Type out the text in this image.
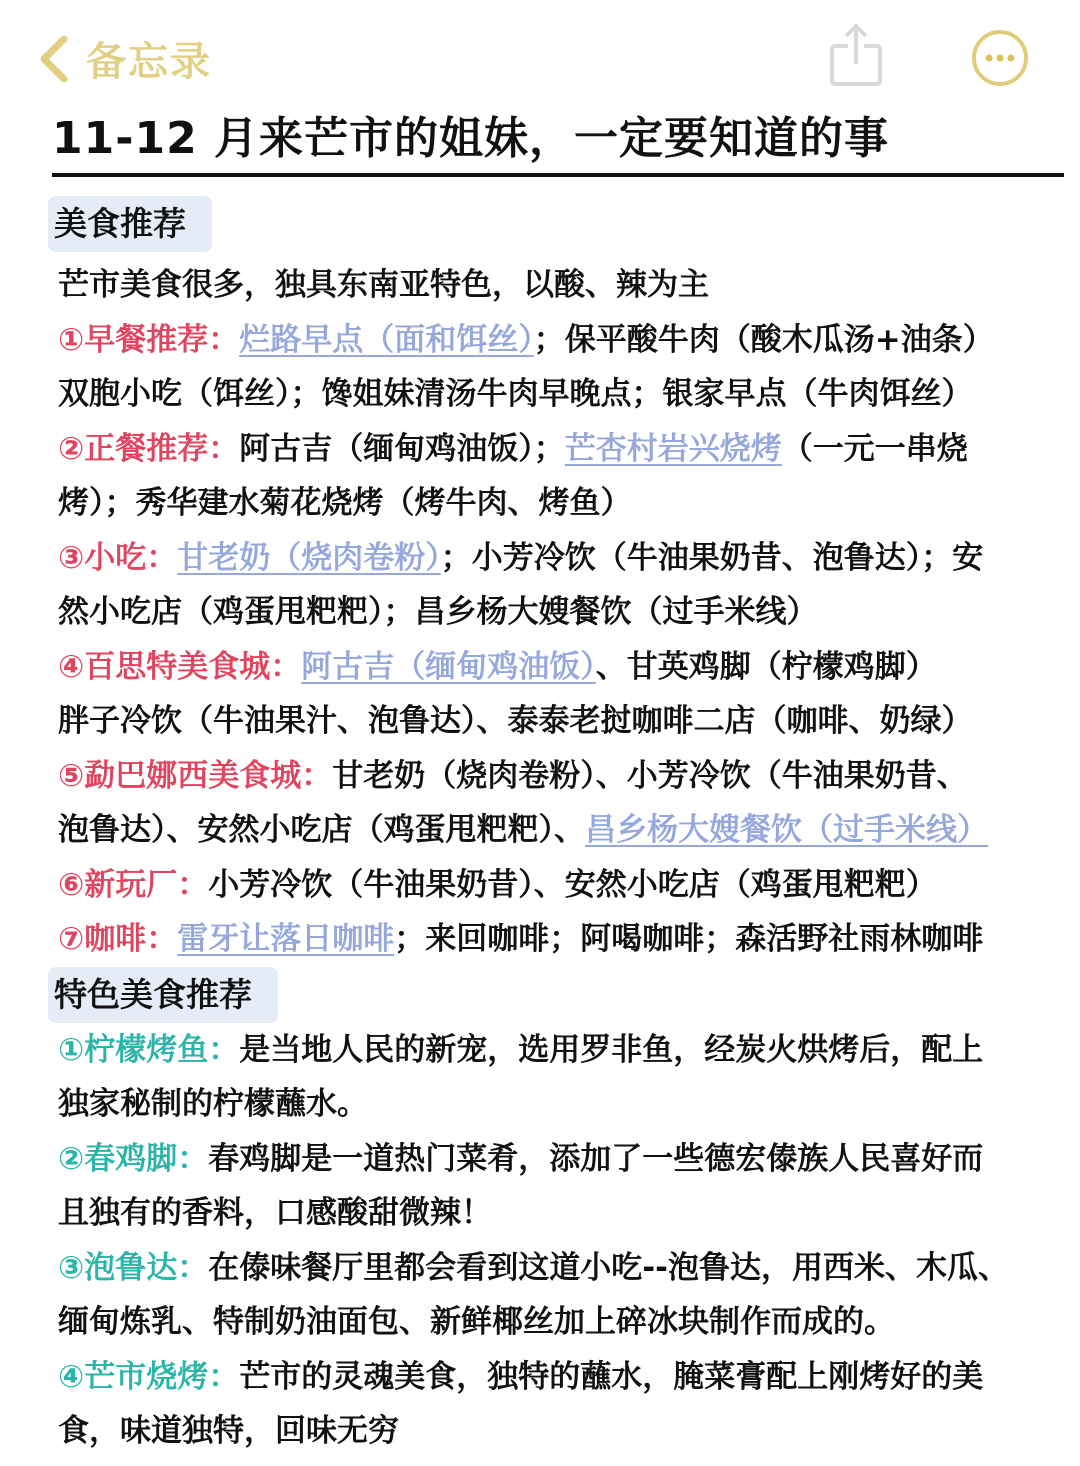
备忘录
11-12 月来芒市的姐妹，一定要知道的事
美食推荐
芒市美食很多，独具东南亚特色，以酸、辣为主
①早餐推荐：烂路早点（面和饵丝）；保平酸牛肉（酸木瓜汤+油条）
双胞小吃（饵丝）；馋姐妹清汤牛肉早晚点；银家早点（牛肉饵丝）
②正餐推荐：阿古吉（缅甸鸡油饭）；芒杏村岩兴烧烤（一元一串烧
烤）；秀华建水菊花烧烤（烤牛肉、烤鱼）
③小吃：甘老奶（烧肉卷粉）；小芳冷饮（牛油果奶昔、泡鲁达）；安
然小吃店（鸡蛋甩粑粑）；昌乡杨大嫂餐饮（过手米线）
④百思特美食城：阿古吉（缅甸鸡油饭）、甘英鸡脚（柠檬鸡脚）
胖子冷饮（牛油果汁、泡鲁达）、泰泰老挝咖啡二店（咖啡、奶绿）
⑤勐巴娜西美食城：甘老奶（烧肉卷粉）、小芳冷饮（牛油果奶昔、
泡鲁达）、安然小吃店（鸡蛋甩粑粑）、昌乡杨大嫂餐饮（过手米线）
⑥新玩厂：小芳冷饮（牛油果奶昔）、安然小吃店（鸡蛋甩粑粑）
⑦咖啡：雷牙让落日咖啡；来回咖啡；阿喝咖啡；森活野社雨林咖啡
特色美食推荐
①柠檬烤鱼：是当地人民的新宠，选用罗非鱼，经炭火烘烤后，配上
独家秘制的柠檬蘸水。
②春鸡脚：春鸡脚是一道热门菜肴，添加了一些德宏傣族人民喜好而
且独有的香料，口感酸甜微辣！
③泡鲁达：在傣味餐厅里都会看到这道小吃--泡鲁达，用西米、木瓜、
缅甸炼乳、特制奶油面包、新鲜椰丝加上碎冰块制作而成的。
④芒市烧烤：芒市的灵魂美食，独特的蘸水，腌菜膏配上刚烤好的美
食，味道独特，回味无穷
